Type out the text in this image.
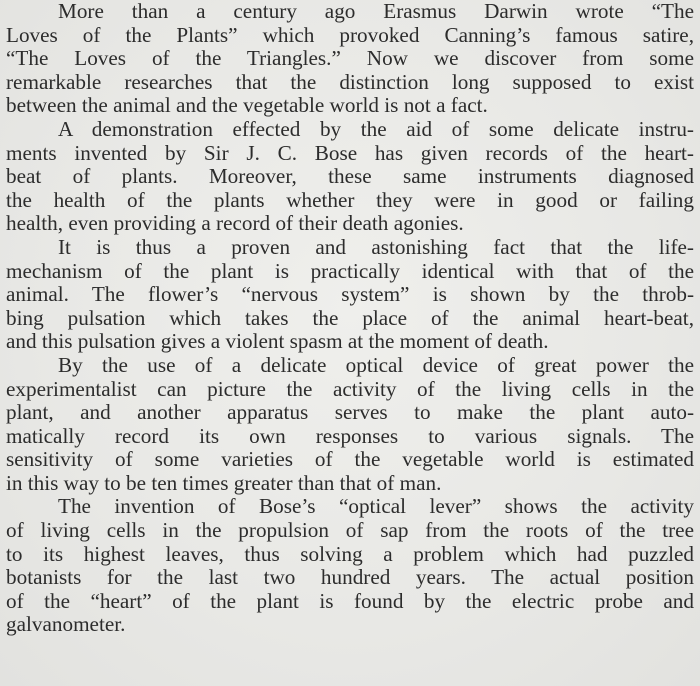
More than a century ago Erasmus Darwin wrote “The
Loves of the Plants” which provoked Canning’s famous satire,
“The Loves of the Triangles.” Now we discover from some
remarkable researches that the distinction long supposed to exist
between the animal and the vegetable world is not a fact.
A demonstration effected by the aid of some delicate instru-
ments invented by Sir J. C. Bose has given records of the heart-
beat of plants. Moreover, these same instruments diagnosed
the health of the plants whether they were in good or failing
health, even providing a record of their death agonies.
It is thus a proven and astonishing fact that the life-
mechanism of the plant is practically identical with that of the
animal. The flower’s “nervous system” is shown by the throb-
bing pulsation which takes the place of the animal heart-beat,
and this pulsation gives a violent spasm at the moment of death.
By the use of a delicate optical device of great power the
experimentalist can picture the activity of the living cells in the
plant, and another apparatus serves to make the plant auto-
matically record its own responses to various signals. The
sensitivity of some varieties of the vegetable world is estimated
in this way to be ten times greater than that of man.
The invention of Bose’s “optical lever” shows the activity
of living cells in the propulsion of sap from the roots of the tree
to its highest leaves, thus solving a problem which had puzzled
botanists for the last two hundred years. The actual position
of the “heart” of the plant is found by the electric probe and
galvanometer.
